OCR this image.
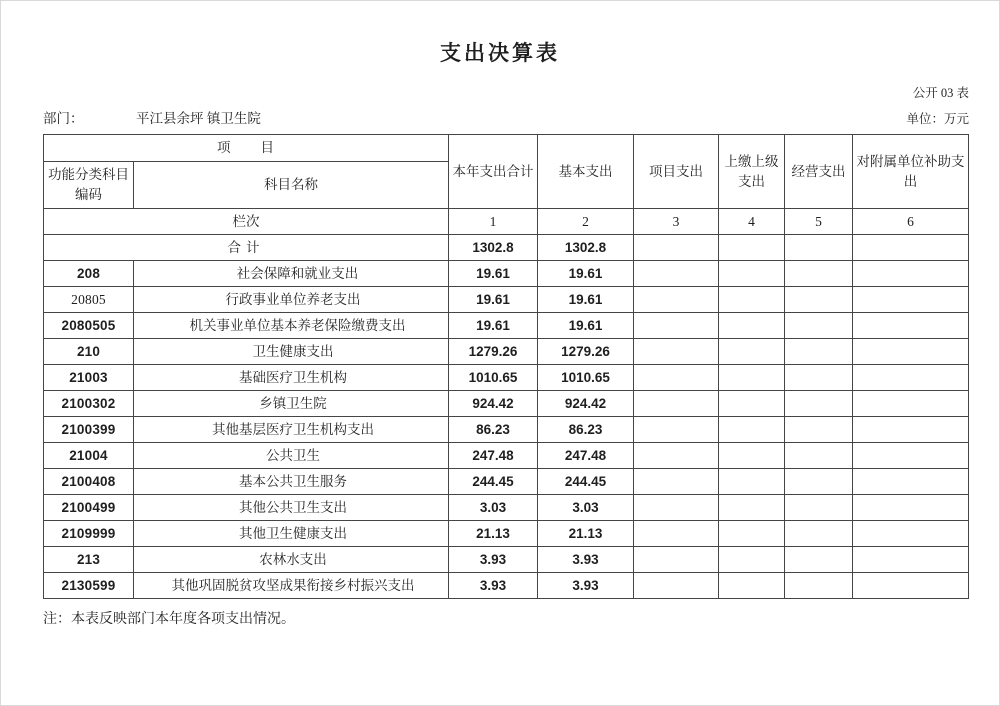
支出决算表
公开 03 表
部门：	平江县余坪 镇卫生院	单位：万元
项　　目		本年支出合计	基本支出	项目支出	上缴上级支出	经营支出	对附属单位补助支出
功能分类科目编码	科目名称						
栏次		1	2	3	4	5	6
合计		1302.8	1302.8				
208	社会保障和就业支出	19.61	19.61				
20805	行政事业单位养老支出	19.61	19.61				
2080505	机关事业单位基本养老保险缴费支出	19.61	19.61				
210	卫生健康支出	1279.26	1279.26				
21003	基础医疗卫生机构	1010.65	1010.65				
2100302	乡镇卫生院	924.42	924.42				
2100399	其他基层医疗卫生机构支出	86.23	86.23				
21004	公共卫生	247.48	247.48				
2100408	基本公共卫生服务	244.45	244.45				
2100499	其他公共卫生支出	3.03	3.03				
2109999	其他卫生健康支出	21.13	21.13				
213	农林水支出	3.93	3.93				
2130599	其他巩固脱贫攻坚成果衔接乡村振兴支出	3.93	3.93				
注：本表反映部门本年度各项支出情况。
